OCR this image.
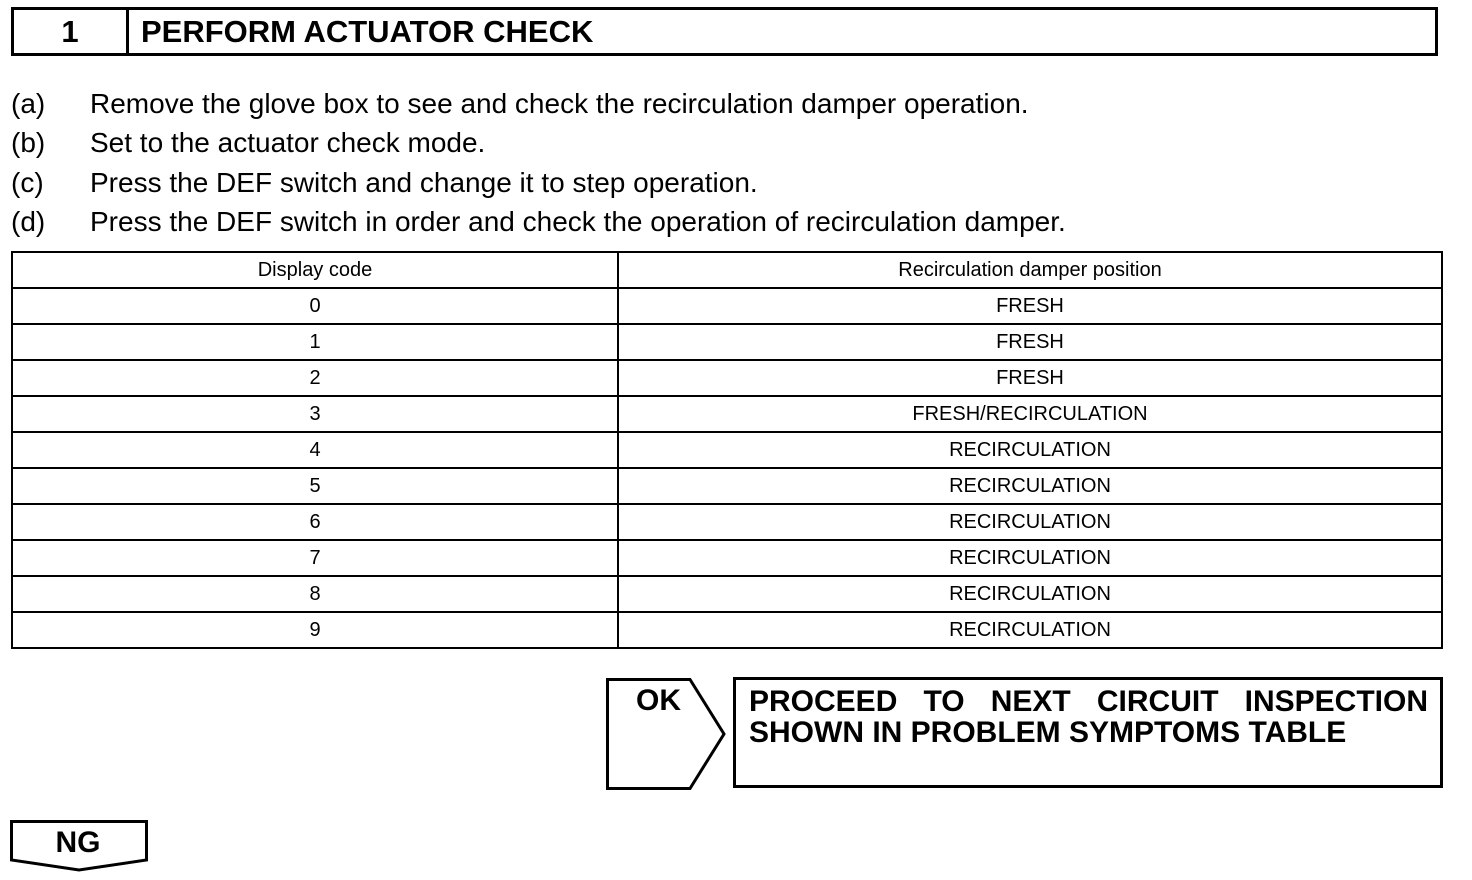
1	PERFORM ACTUATOR CHECK
(a)	Remove the glove box to see and check the recirculation damper operation.
(b)	Set to the actuator check mode.
(c)	Press the DEF switch and change it to step operation.
(d)	Press the DEF switch in order and check the operation of recirculation damper.
Display code	Recirculation damper position
0	FRESH
1	FRESH
2	FRESH
3	FRESH/RECIRCULATION
4	RECIRCULATION
5	RECIRCULATION
6	RECIRCULATION
7	RECIRCULATION
8	RECIRCULATION
9	RECIRCULATION
OK PROCEED TO NEXT CIRCUIT INSPECTION
SHOWN IN PROBLEM SYMPTOMS TABLE
NG
